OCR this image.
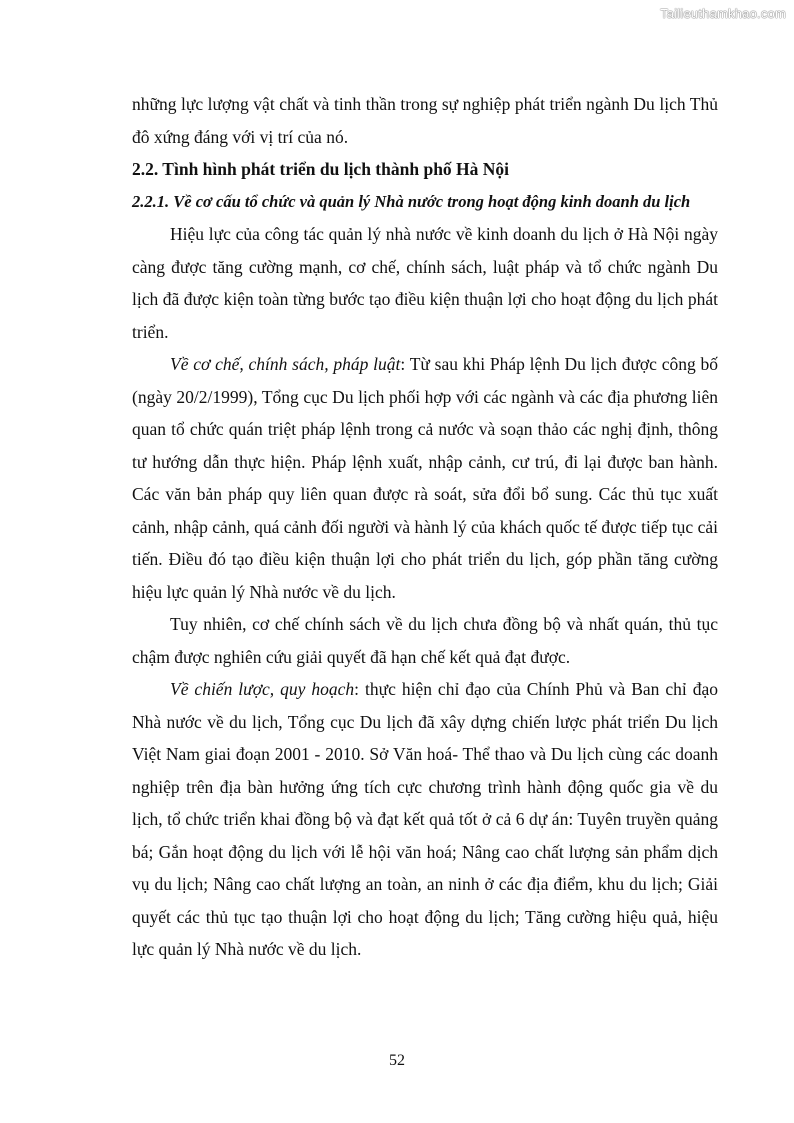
Tailieuthamkhao.com

những lực lượng vật chất và tinh thần trong sự nghiệp phát triển ngành Du lịch Thủ đô xứng đáng với vị trí của nó.

2.2. Tình hình phát triển du lịch thành phố Hà Nội

2.2.1. Về cơ cấu tổ chức và quản lý Nhà nước trong hoạt động kinh doanh du lịch

Hiệu lực của công tác quản lý nhà nước về kinh doanh du lịch ở Hà Nội ngày càng được tăng cường mạnh, cơ chế, chính sách, luật pháp và tổ chức ngành Du lịch đã được kiện toàn từng bước tạo điều kiện thuận lợi cho hoạt động du lịch phát triển.

Về cơ chế, chính sách, pháp luật: Từ sau khi Pháp lệnh Du lịch được công bố (ngày 20/2/1999), Tổng cục Du lịch phối hợp với các ngành và các địa phương liên quan tổ chức quán triệt pháp lệnh trong cả nước và soạn thảo các nghị định, thông tư hướng dẫn thực hiện. Pháp lệnh xuất, nhập cảnh, cư trú, đi lại được ban hành. Các văn bản pháp quy liên quan được rà soát, sửa đổi bổ sung. Các thủ tục xuất cảnh, nhập cảnh, quá cảnh đối người và hành lý của khách quốc tế được tiếp tục cải tiến. Điều đó tạo điều kiện thuận lợi cho phát triển du lịch, góp phần tăng cường hiệu lực quản lý Nhà nước về du lịch.

Tuy nhiên, cơ chế chính sách về du lịch chưa đồng bộ và nhất quán, thủ tục chậm được nghiên cứu giải quyết đã hạn chế kết quả đạt được.

Về chiến lược, quy hoạch: thực hiện chỉ đạo của Chính Phủ và Ban chỉ đạo Nhà nước về du lịch, Tổng cục Du lịch đã xây dựng chiến lược phát triển Du lịch Việt Nam giai đoạn 2001 - 2010. Sở Văn hoá- Thể thao và Du lịch cùng các doanh nghiệp trên địa bàn hưởng ứng tích cực chương trình hành động quốc gia về du lịch, tổ chức triển khai đồng bộ và đạt kết quả tốt ở cả 6 dự án: Tuyên truyền quảng bá; Gắn hoạt động du lịch với lễ hội văn hoá; Nâng cao chất lượng sản phẩm dịch vụ du lịch; Nâng cao chất lượng an toàn, an ninh ở các địa điểm, khu du lịch; Giải quyết các thủ tục tạo thuận lợi cho hoạt động du lịch; Tăng cường hiệu quả, hiệu lực quản lý Nhà nước về du lịch.

52
